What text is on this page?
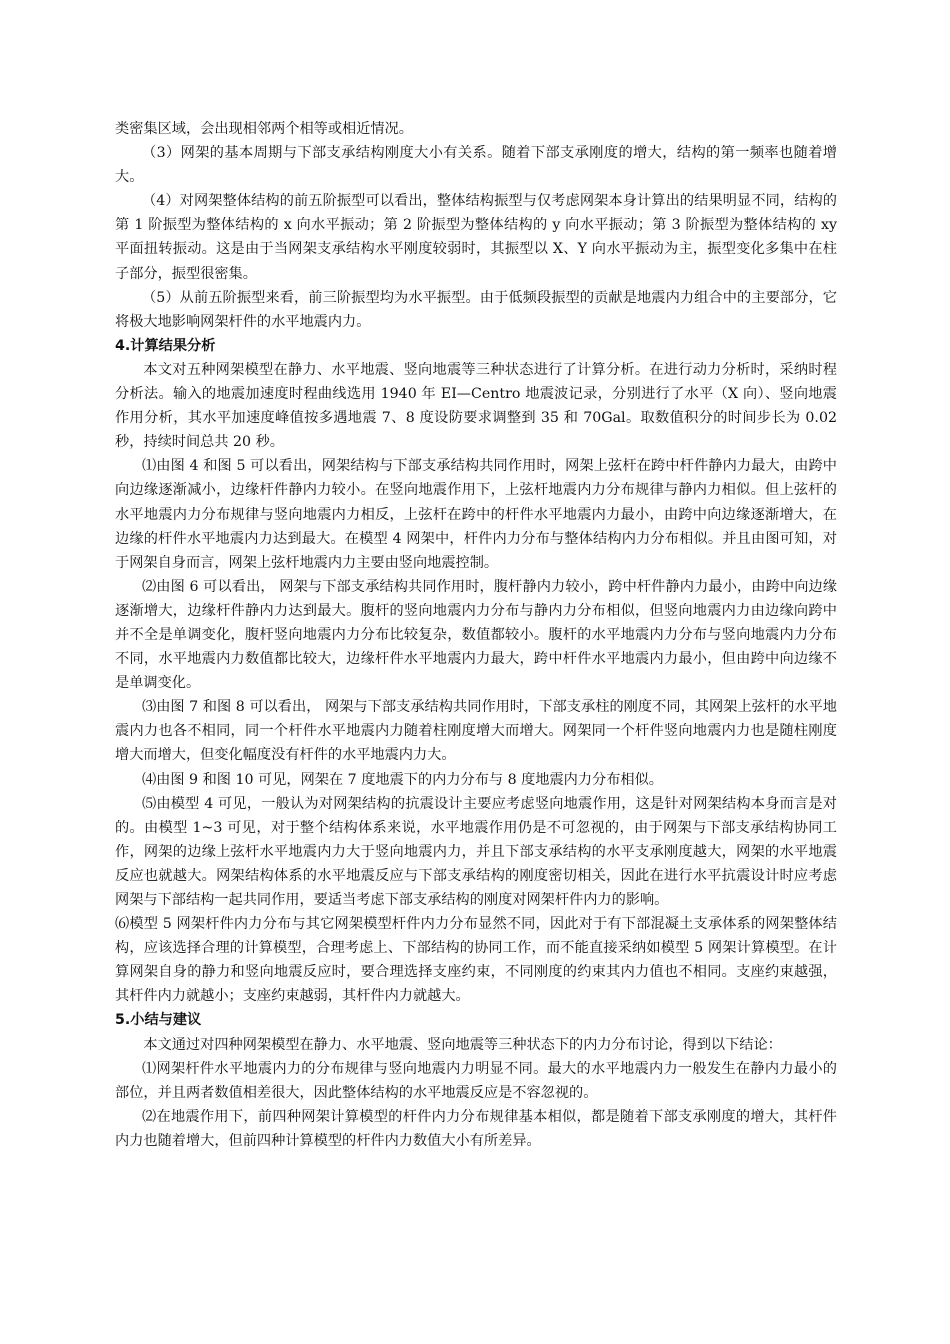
类密集区域，会出现相邻两个相等或相近情况。

（3）网架的基本周期与下部支承结构刚度大小有关系。随着下部支承刚度的增大，结构的第一频率也随着增大。

（4）对网架整体结构的前五阶振型可以看出，整体结构振型与仅考虑网架本身计算出的结果明显不同，结构的第 1 阶振型为整体结构的 x 向水平振动；第 2 阶振型为整体结构的 y 向水平振动；第 3 阶振型为整体结构的 xy 平面扭转振动。这是由于当网架支承结构水平刚度较弱时，其振型以 X、Y 向水平振动为主，振型变化多集中在柱子部分，振型很密集。

（5）从前五阶振型来看，前三阶振型均为水平振型。由于低频段振型的贡献是地震内力组合中的主要部分，它将极大地影响网架杆件的水平地震内力。

4.计算结果分析

本文对五种网架模型在静力、水平地震、竖向地震等三种状态进行了计算分析。在进行动力分析时，采纳时程分析法。输入的地震加速度时程曲线选用 1940 年 EI—Centro 地震波记录，分别进行了水平（X 向）、竖向地震作用分析，其水平加速度峰值按多遇地震 7、8 度设防要求调整到 35 和 70Gal。取数值积分的时间步长为 0.02 秒，持续时间总共 20 秒。

⑴由图 4 和图 5 可以看出，网架结构与下部支承结构共同作用时，网架上弦杆在跨中杆件静内力最大，由跨中向边缘逐渐减小，边缘杆件静内力较小。在竖向地震作用下，上弦杆地震内力分布规律与静内力相似。但上弦杆的水平地震内力分布规律与竖向地震内力相反，上弦杆在跨中的杆件水平地震内力最小，由跨中向边缘逐渐增大，在边缘的杆件水平地震内力达到最大。在模型 4 网架中，杆件内力分布与整体结构内力分布相似。并且由图可知，对于网架自身而言，网架上弦杆地震内力主要由竖向地震控制。

⑵由图 6 可以看出， 网架与下部支承结构共同作用时，腹杆静内力较小，跨中杆件静内力最小，由跨中向边缘逐渐增大，边缘杆件静内力达到最大。腹杆的竖向地震内力分布与静内力分布相似，但竖向地震内力由边缘向跨中并不全是单调变化，腹杆竖向地震内力分布比较复杂，数值都较小。腹杆的水平地震内力分布与竖向地震内力分布不同，水平地震内力数值都比较大，边缘杆件水平地震内力最大，跨中杆件水平地震内力最小，但由跨中向边缘不是单调变化。

⑶由图 7 和图 8 可以看出， 网架与下部支承结构共同作用时，下部支承柱的刚度不同，其网架上弦杆的水平地震内力也各不相同，同一个杆件水平地震内力随着柱刚度增大而增大。网架同一个杆件竖向地震内力也是随柱刚度增大而增大，但变化幅度没有杆件的水平地震内力大。

⑷由图 9 和图 10 可见，网架在 7 度地震下的内力分布与 8 度地震内力分布相似。

⑸由模型 4 可见，一般认为对网架结构的抗震设计主要应考虑竖向地震作用，这是针对网架结构本身而言是对的。由模型 1~3 可见，对于整个结构体系来说，水平地震作用仍是不可忽视的，由于网架与下部支承结构协同工作，网架的边缘上弦杆水平地震内力大于竖向地震内力，并且下部支承结构的水平支承刚度越大，网架的水平地震反应也就越大。网架结构体系的水平地震反应与下部支承结构的刚度密切相关，因此在进行水平抗震设计时应考虑网架与下部结构一起共同作用，要适当考虑下部支承结构的刚度对网架杆件内力的影响。

⑹模型 5 网架杆件内力分布与其它网架模型杆件内力分布显然不同，因此对于有下部混凝土支承体系的网架整体结构，应该选择合理的计算模型，合理考虑上、下部结构的协同工作，而不能直接采纳如模型 5 网架计算模型。在计算网架自身的静力和竖向地震反应时，要合理选择支座约束，不同刚度的约束其内力值也不相同。支座约束越强，其杆件内力就越小；支座约束越弱，其杆件内力就越大。

5.小结与建议

本文通过对四种网架模型在静力、水平地震、竖向地震等三种状态下的内力分布讨论，得到以下结论：

⑴网架杆件水平地震内力的分布规律与竖向地震内力明显不同。最大的水平地震内力一般发生在静内力最小的部位，并且两者数值相差很大，因此整体结构的水平地震反应是不容忽视的。

⑵在地震作用下，前四种网架计算模型的杆件内力分布规律基本相似，都是随着下部支承刚度的增大，其杆件内力也随着增大，但前四种计算模型的杆件内力数值大小有所差异。
